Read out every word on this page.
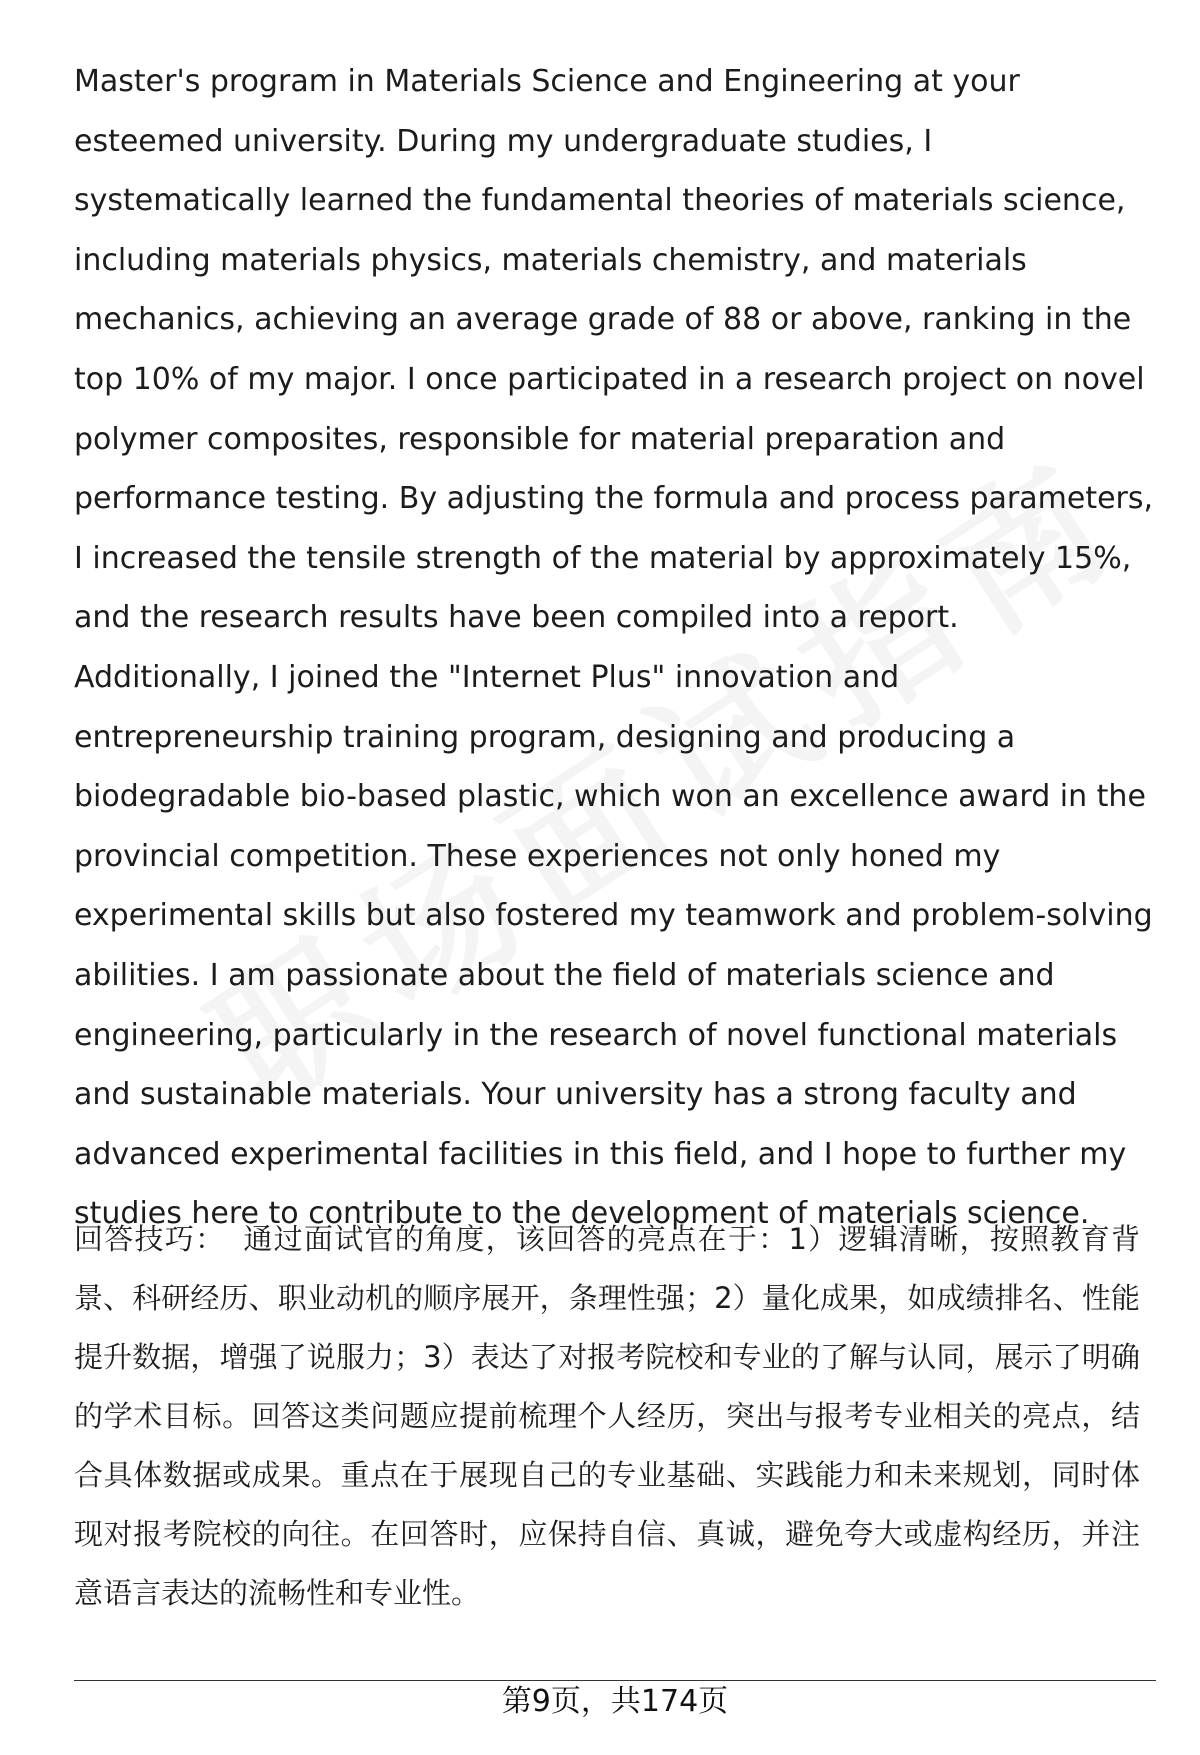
Master's program in Materials Science and Engineering at your esteemed university. During my undergraduate studies, I systematically learned the fundamental theories of materials science, including materials physics, materials chemistry, and materials mechanics, achieving an average grade of 88 or above, ranking in the top 10% of my major. I once participated in a research project on novel polymer composites, responsible for material preparation and performance testing. By adjusting the formula and process parameters, I increased the tensile strength of the material by approximately 15%, and the research results have been compiled into a report. Additionally, I joined the "Internet Plus" innovation and entrepreneurship training program, designing and producing a biodegradable bio-based plastic, which won an excellence award in the provincial competition. These experiences not only honed my experimental skills but also fostered my teamwork and problem-solving abilities. I am passionate about the field of materials science and engineering, particularly in the research of novel functional materials and sustainable materials. Your university has a strong faculty and advanced experimental facilities in this field, and I hope to further my studies here to contribute to the development of materials science.
回答技巧： 通过面试官的角度，该回答的亮点在于：1）逻辑清晰，按照教育背景、科研经历、职业动机的顺序展开，条理性强；2）量化成果，如成绩排名、性能提升数据，增强了说服力；3）表达了对报考院校和专业的了解与认同，展示了明确的学术目标。回答这类问题应提前梳理个人经历，突出与报考专业相关的亮点，结合具体数据或成果。重点在于展现自己的专业基础、实践能力和未来规划，同时体现对报考院校的向往。在回答时，应保持自信、真诚，避免夸大或虚构经历，并注意语言表达的流畅性和专业性。
第9页，共174页
